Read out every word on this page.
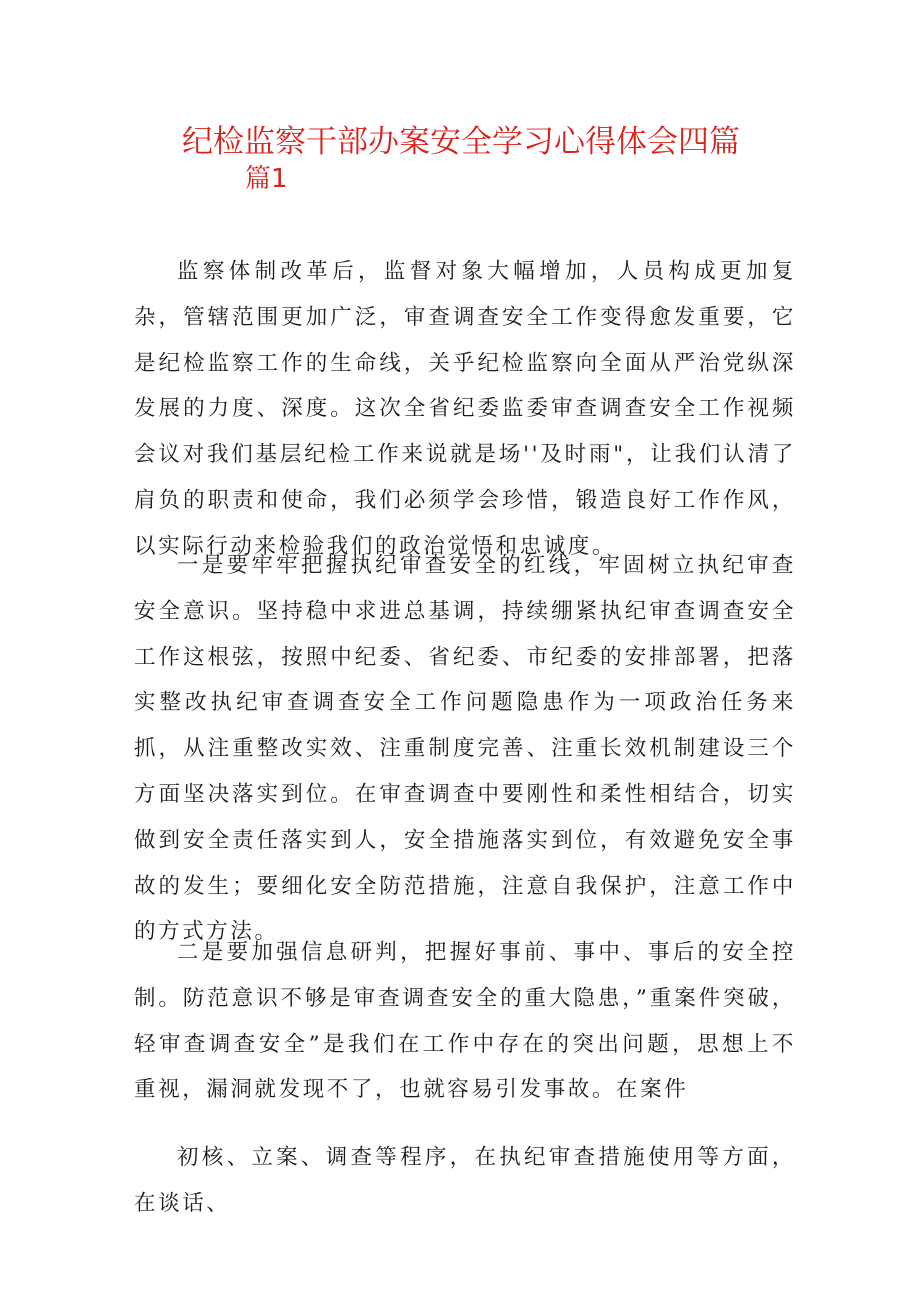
纪检监察干部办案安全学习心得体会四篇
篇1

监察体制改革后，监督对象大幅增加，人员构成更加复杂，管辖范围更加广泛，审查调查安全工作变得愈发重要，它是纪检监察工作的生命线，关乎纪检监察向全面从严治党纵深发展的力度、深度。这次全省纪委监委审查调查安全工作视频会议对我们基层纪检工作来说就是场''及时雨"，让我们认清了肩负的职责和使命，我们必须学会珍惜，锻造良好工作作风，以实际行动来检验我们的政治觉悟和忠诚度。

一是要牢牢把握执纪审查安全的红线，牢固树立执纪审查安全意识。坚持稳中求进总基调，持续绷紧执纪审查调查安全工作这根弦，按照中纪委、省纪委、市纪委的安排部署，把落实整改执纪审查调查安全工作问题隐患作为一项政治任务来抓，从注重整改实效、注重制度完善、注重长效机制建设三个方面坚决落实到位。在审查调查中要刚性和柔性相结合，切实做到安全责任落实到人，安全措施落实到位，有效避免安全事故的发生；要细化安全防范措施，注意自我保护，注意工作中的方式方法。

二是要加强信息研判，把握好事前、事中、事后的安全控制。防范意识不够是审查调查安全的重大隐患，”重案件突破，轻审查调查安全”是我们在工作中存在的突出问题，思想上不重视，漏洞就发现不了，也就容易引发事故。在案件

初核、立案、调查等程序，在执纪审查措施使用等方面，在谈话、
